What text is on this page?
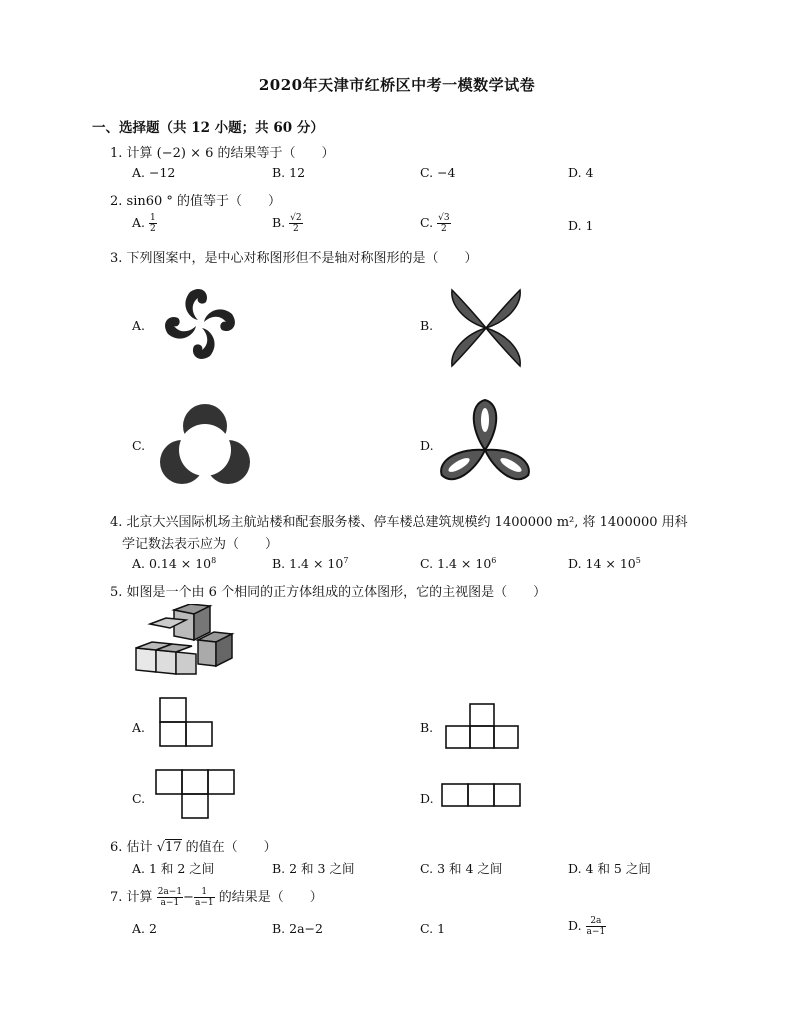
2020年天津市红桥区中考一模数学试卷
一、选择题（共 12 小题；共 60 分）
1. 计算 (−2) × 6 的结果等于（　　）
A. −12	B. 12	C. −4	D. 4
2. sin60 ° 的值等于（　　）
A. $\frac{1}{2}$	B. $\frac{√2}{2}$	C. $\frac{√3}{2}$	D. 1
3. 下列图案中，是中心对称图形但不是轴对称图形的是（　　）
A.	B.
C.	D.
4. 北京大兴国际机场主航站楼和配套服务楼、停车楼总建筑规模约 1400000 m², 将 1400000 用科
学记数法表示应为（　　）
A. $0.14 \times 10^8$	B. $1.4 \times 10^7$	C. $1.4 \times 10^6$	D. $14 \times 10^5$
5. 如图是一个由 6 个相同的正方体组成的立体图形，它的主视图是（　　）
A.	B.
C.	D.
6. 估计 √17 的值在（　　）
A. 1 和 2 之间	B. 2 和 3 之间	C. 3 和 4 之间	D. 4 和 5 之间
7. 计算 $\frac{2a-1}{a-1} - \frac{1}{a-1}$ 的结果是（　　）
A. 2	B. 2a−2	C. 1	D. $\frac{2a}{a-1}$
